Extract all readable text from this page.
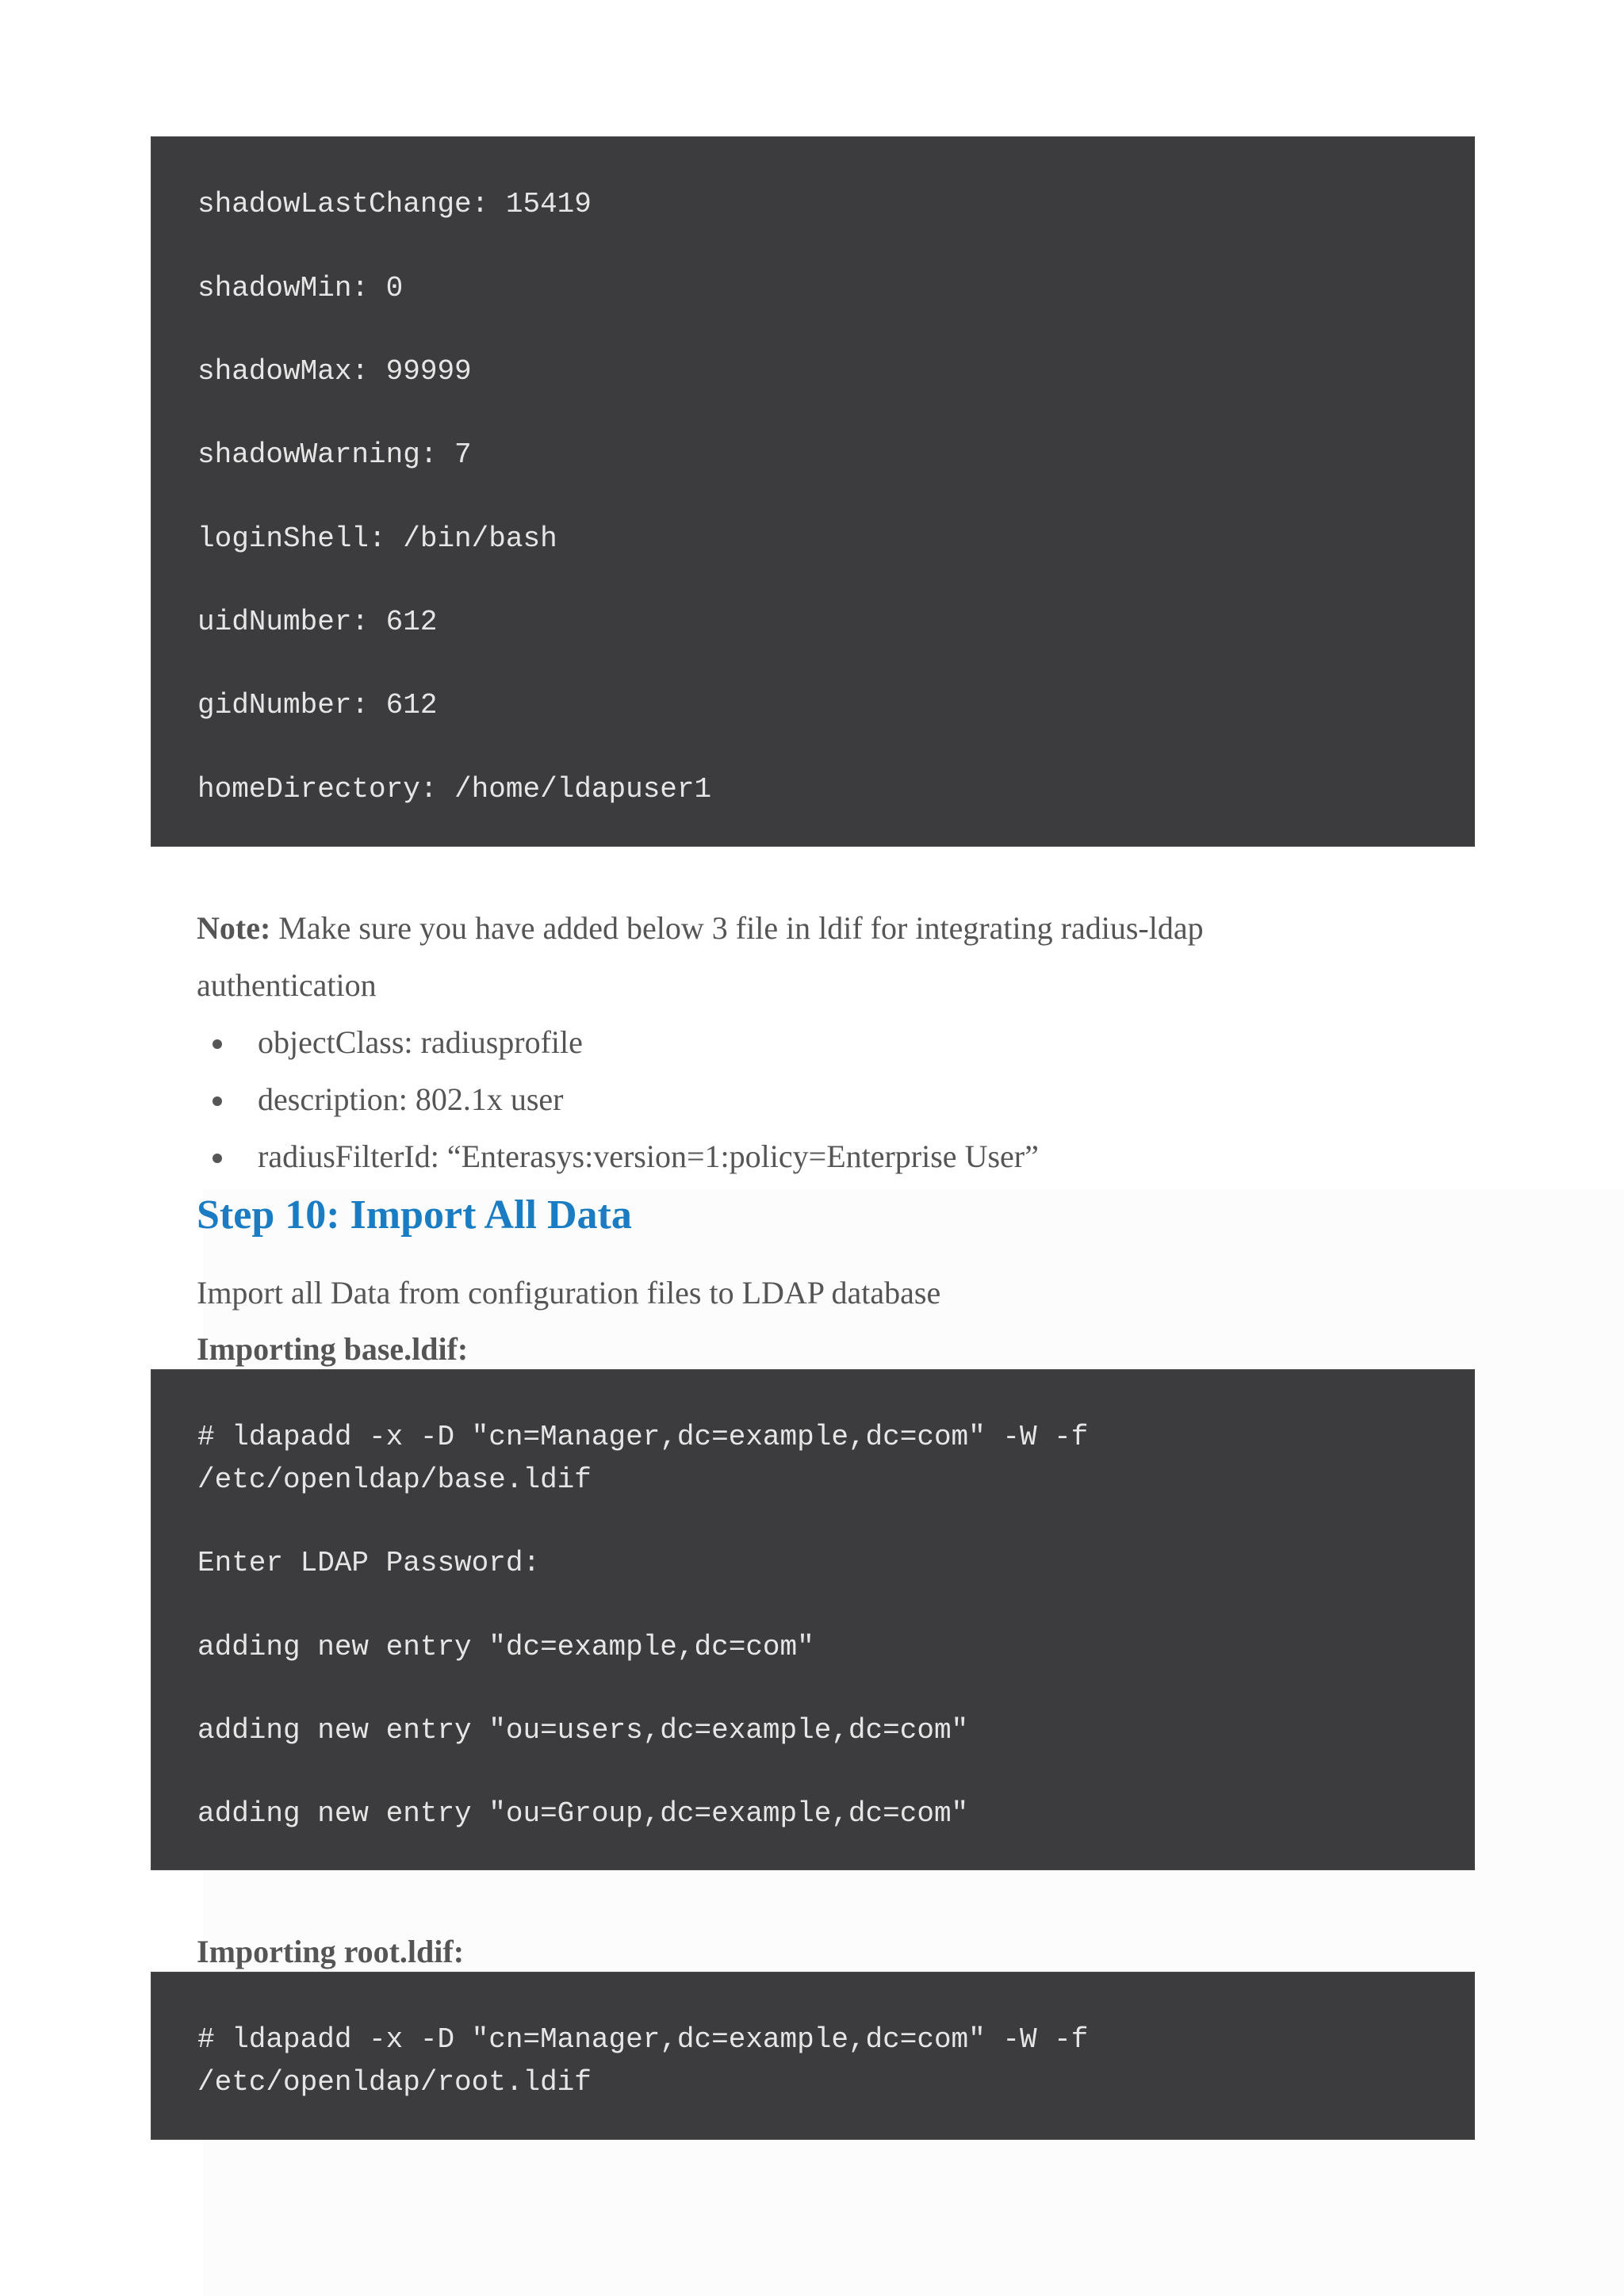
shadowLastChange: 15419
shadowMin: 0
shadowMax: 99999
shadowWarning: 7
loginShell: /bin/bash
uidNumber: 612
gidNumber: 612
homeDirectory: /home/ldapuser1

Note: Make sure you have added below 3 file in ldif for integrating radius-ldap

authentication

objectClass: radiusprofile

description: 802.1x user

radiusFilterId: “Enterasys:version=1:policy=Enterprise User”

Step 10: Import All Data

Import all Data from configuration files to LDAP database

Importing base.ldif:

# ldapadd -x -D "cn=Manager,dc=example,dc=com" -W -f
/etc/openldap/base.ldif
Enter LDAP Password:
adding new entry "dc=example,dc=com"
adding new entry "ou=users,dc=example,dc=com"
adding new entry "ou=Group,dc=example,dc=com"

Importing root.ldif:

# ldapadd -x -D "cn=Manager,dc=example,dc=com" -W -f
/etc/openldap/root.ldif
